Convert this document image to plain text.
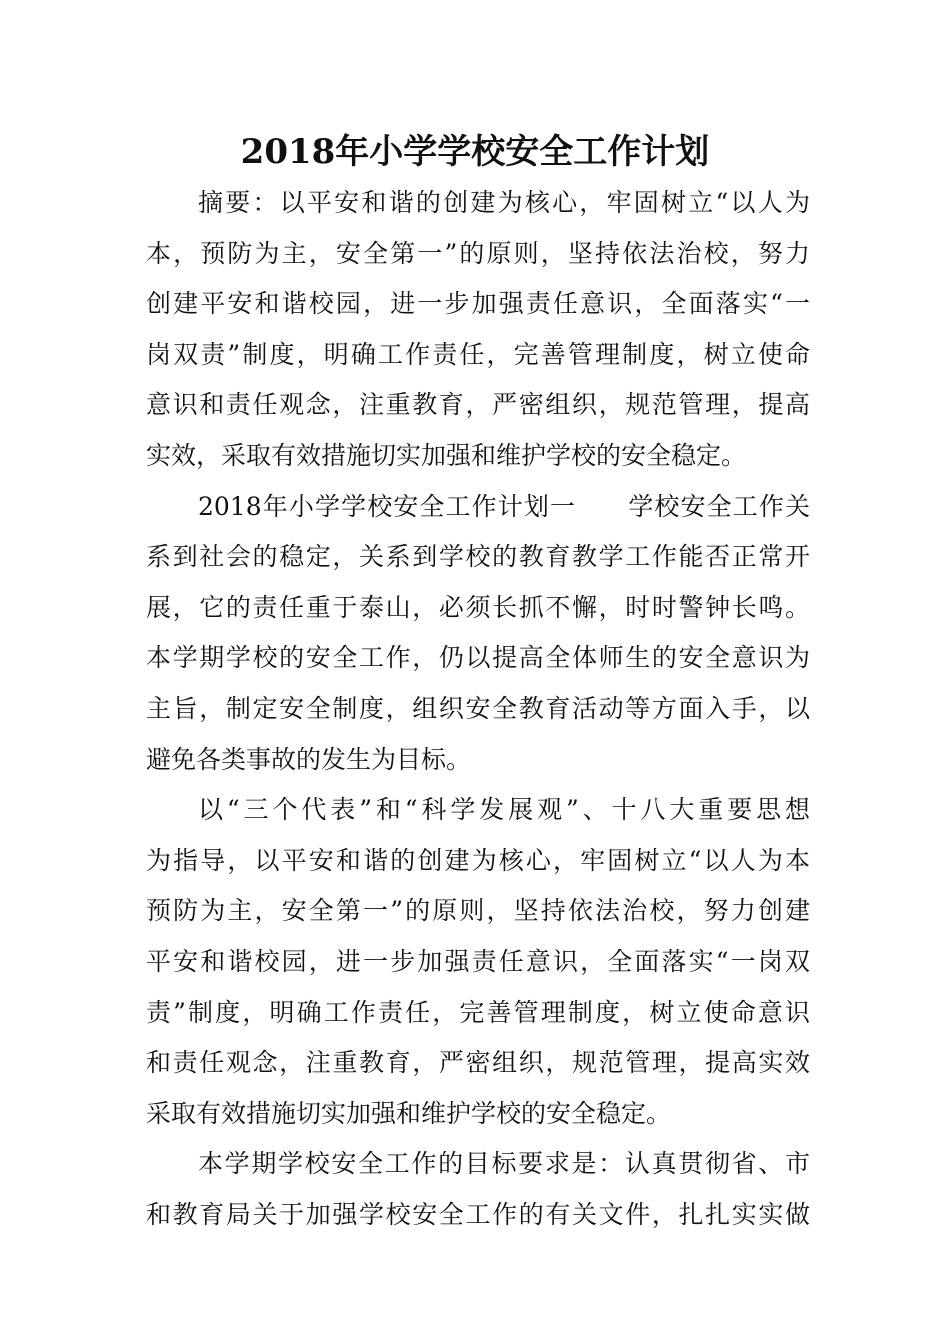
2018年小学学校安全工作计划
摘要：以平安和谐的创建为核心，牢固树立“以人为
本，预防为主，安全第一”的原则，坚持依法治校，努力
创建平安和谐校园，进一步加强责任意识，全面落实“一
岗双责”制度，明确工作责任，完善管理制度，树立使命
意识和责任观念，注重教育，严密组织，规范管理，提高
实效，采取有效措施切实加强和维护学校的安全稳定。
2018年小学学校安全工作计划一　　学校安全工作关
系到社会的稳定，关系到学校的教育教学工作能否正常开
展，它的责任重于泰山，必须长抓不懈，时时警钟长鸣。
本学期学校的安全工作，仍以提高全体师生的安全意识为
主旨，制定安全制度，组织安全教育活动等方面入手，以
避免各类事故的发生为目标。
以“三个代表”和“科学发展观”、十八大重要思想
为指导，以平安和谐的创建为核心，牢固树立“以人为本
预防为主，安全第一”的原则，坚持依法治校，努力创建
平安和谐校园，进一步加强责任意识，全面落实“一岗双
责”制度，明确工作责任，完善管理制度，树立使命意识
和责任观念，注重教育，严密组织，规范管理，提高实效
采取有效措施切实加强和维护学校的安全稳定。
本学期学校安全工作的目标要求是：认真贯彻省、市
和教育局关于加强学校安全工作的有关文件，扎扎实实做
